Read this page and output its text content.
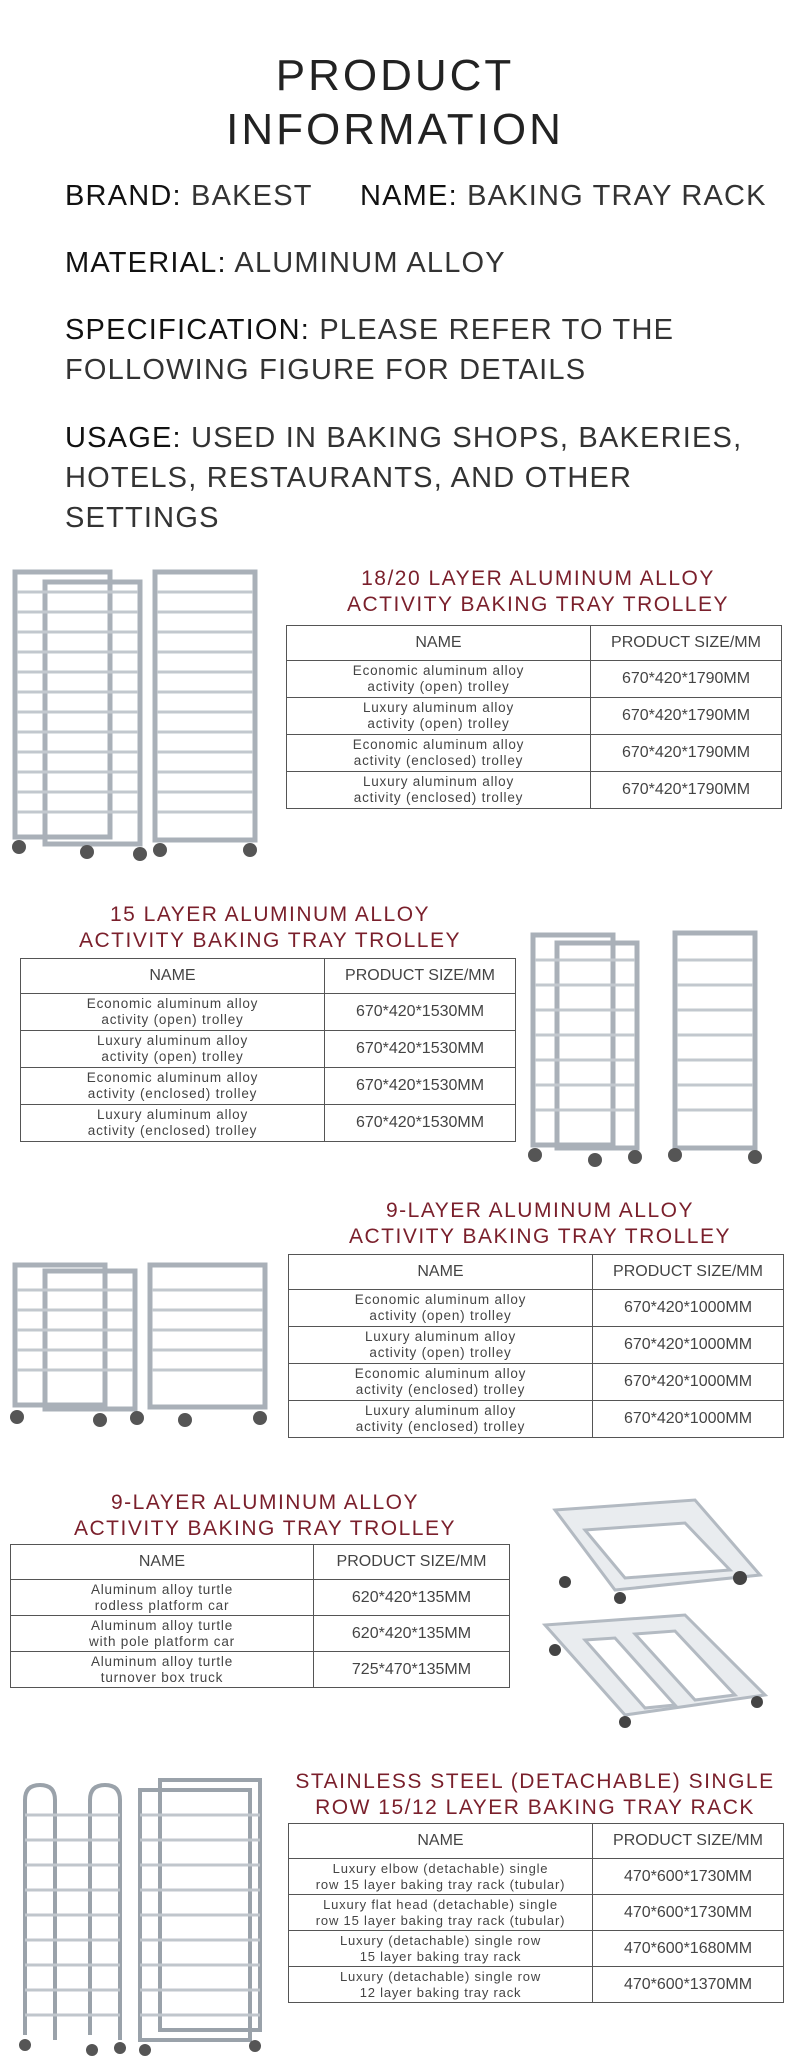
PRODUCT
INFORMATION
BRAND: BAKEST NAME: BAKING TRAY RACK
MATERIAL: ALUMINUM ALLOY
SPECIFICATION: PLEASE REFER TO THE
FOLLOWING FIGURE FOR DETAILS
USAGE: USED IN BAKING SHOPS, BAKERIES,
HOTELS, RESTAURANTS, AND OTHER SETTINGS
18/20 LAYER ALUMINUM ALLOY
ACTIVITY BAKING TRAY TROLLEY
NAME	PRODUCT SIZE/MM
Economic aluminum alloy
activity (open) trolley	670*420*1790MM
Luxury aluminum alloy
activity (open) trolley	670*420*1790MM
Economic aluminum alloy
activity (enclosed) trolley	670*420*1790MM
Luxury aluminum alloy
activity (enclosed) trolley	670*420*1790MM
15 LAYER ALUMINUM ALLOY
ACTIVITY BAKING TRAY TROLLEY
NAME	PRODUCT SIZE/MM
Economic aluminum alloy
activity (open) trolley	670*420*1530MM
Luxury aluminum alloy
activity (open) trolley	670*420*1530MM
Economic aluminum alloy
activity (enclosed) trolley	670*420*1530MM
Luxury aluminum alloy
activity (enclosed) trolley	670*420*1530MM
9-LAYER ALUMINUM ALLOY
ACTIVITY BAKING TRAY TROLLEY
NAME	PRODUCT SIZE/MM
Economic aluminum alloy
activity (open) trolley	670*420*1000MM
Luxury aluminum alloy
activity (open) trolley	670*420*1000MM
Economic aluminum alloy
activity (enclosed) trolley	670*420*1000MM
Luxury aluminum alloy
activity (enclosed) trolley	670*420*1000MM
9-LAYER ALUMINUM ALLOY
ACTIVITY BAKING TRAY TROLLEY
NAME	PRODUCT SIZE/MM
Aluminum alloy turtle
rodless platform car	620*420*135MM
Aluminum alloy turtle
with pole platform car	620*420*135MM
Aluminum alloy turtle
turnover box truck	725*470*135MM
STAINLESS STEEL (DETACHABLE) SINGLE
ROW 15/12 LAYER BAKING TRAY RACK
NAME	PRODUCT SIZE/MM
Luxury elbow (detachable) single
row 15 layer baking tray rack (tubular)	470*600*1730MM
Luxury flat head (detachable) single
row 15 layer baking tray rack (tubular)	470*600*1730MM
Luxury (detachable) single row
15 layer baking tray rack	470*600*1680MM
Luxury (detachable) single row
12 layer baking tray rack	470*600*1370MM
